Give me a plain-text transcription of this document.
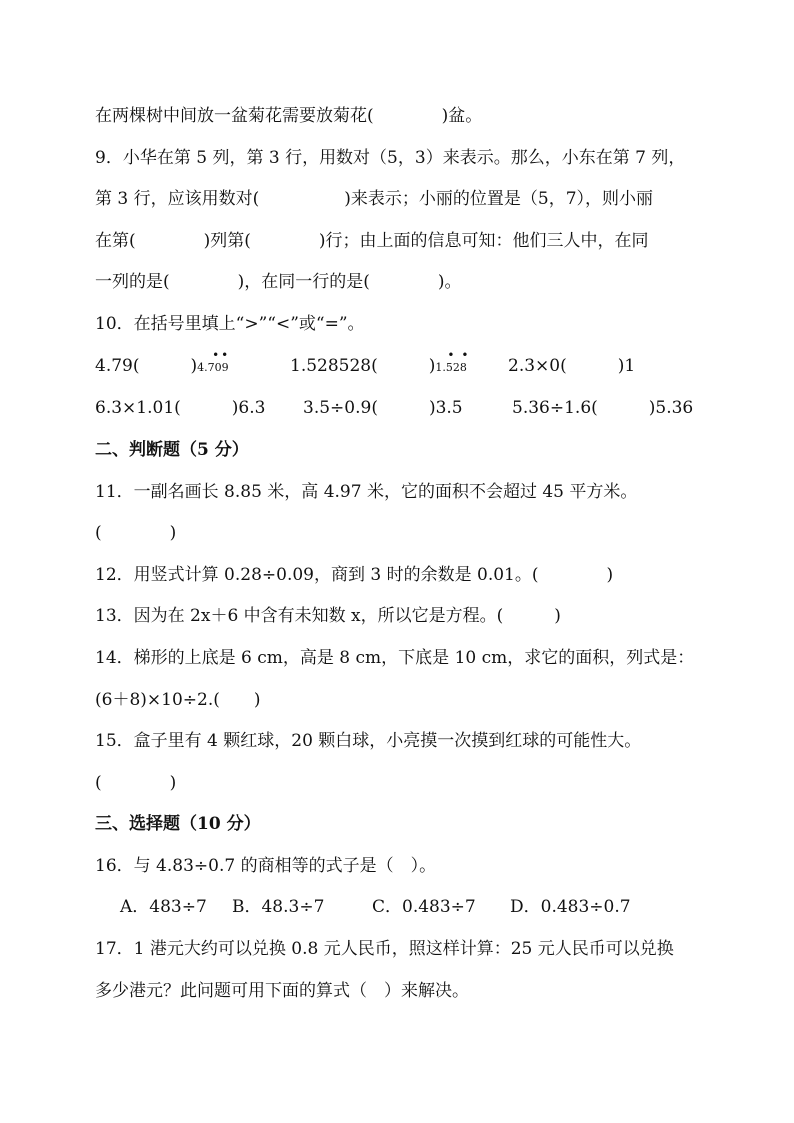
在两棵树中间放一盆菊花需要放菊花(　　　　)盆。
9．小华在第 5 列，第 3 行，用数对（5，3）来表示。那么，小东在第 7 列，
第 3 行，应该用数对(　　　　　)来表示；小丽的位置是（5，7），则小丽
在第(　　　　)列第(　　　　)行；由上面的信息可知：他们三人中，在同
一列的是(　　　　)，在同一行的是(　　　　)。
10．在括号里填上“>”“<”或“=”。
4.79(　　　)4.709
• •
1.528528(　　　)1.528
• •
2.3×0(　　　)1
6.3×1.01(　　　)6.3 3.5÷0.9(　　　)3.5	5.36÷1.6(　　　)5.36
二、判断题（5 分）
11．一副名画长 8.85 米，高 4.97 米，它的面积不会超过 45 平方米。
(　　　　)
12．用竖式计算 0.28÷0.09，商到 3 时的余数是 0.01。(　　　　)
13．因为在 2x＋6 中含有未知数 x，所以它是方程。(　　　)
14．梯形的上底是 6 cm，高是 8 cm，下底是 10 cm，求它的面积，列式是：
(6＋8)×10÷2.(　　)
15．盒子里有 4 颗红球，20 颗白球，小亮摸一次摸到红球的可能性大。
(　　　　)
三、选择题（10 分）
16．与 4.83÷0.7 的商相等的式子是（　）。
A．483÷7 B．48.3÷7	C．0.483÷7 D．0.483÷0.7
17．1 港元大约可以兑换 0.8 元人民币，照这样计算：25 元人民币可以兑换
多少港元？此问题可用下面的算式（　）来解决。
